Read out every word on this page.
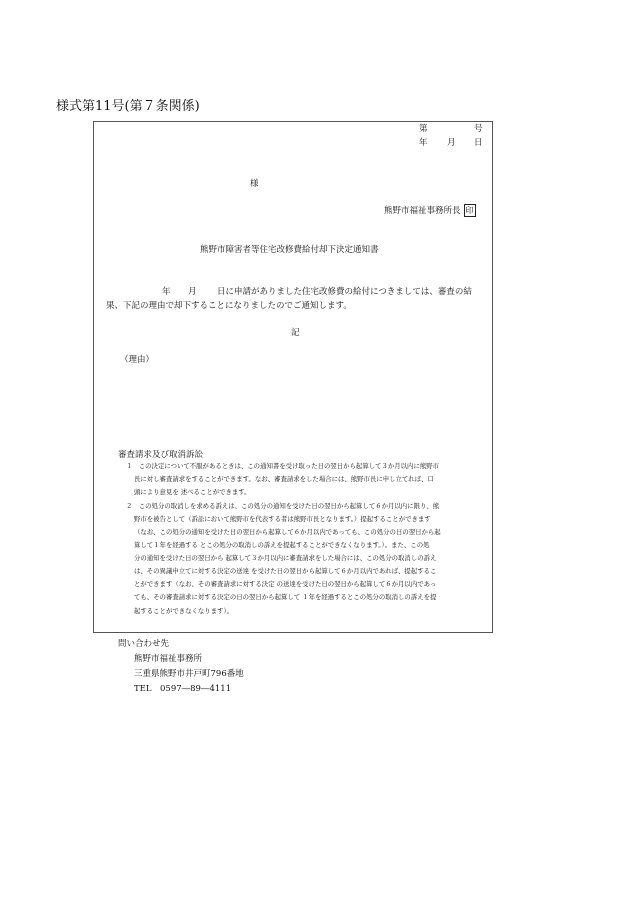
様式第11号(第７条関係)
第	号
年 月 日
様
熊野市福祉事務所長 印
熊野市障害者等住宅改修費給付却下決定通知書
年 月 日に申請がありました住宅改修費の給付につきましては、審査の結
果、下記の理由で却下することになりましたのでご通知します。
記
（理由）
審査請求及び取消訴訟
１　この決定について不服があるときは、この通知書を受け取った日の翌日から起算して３か月以内に熊野市
長に対し審査請求をすることができます。なお、審査請求をした場合には、熊野市長に申し立てれば、口
頭により意見を 述べることができます。
２　この処分の取消しを求める訴えは、この処分の通知を受けた日の翌日から起算して６か月以内に限り、熊
野市を被告として（訴訟において熊野市を代表する者は熊野市長となります。）提起することができます
（なお、この処分の通知を受けた日の翌日から起算して６か月以内であっても、この処分の日の翌日から起
算して１年を経過する とこの処分の取消しの訴えを提起することができなくなります。）。また、この処
分の通知を受けた日の翌日から 起算して３か月以内に審査請求をした場合には、この処分の取消しの訴え
は、その異議申立てに対する決定の送達 を受けた日の翌日から起算して６か月以内であれば、提起するこ
とができます（なお、その審査請求に対する決定 の送達を受けた日の翌日から起算して６か月以内であっ
ても、その審査請求に対する決定の日の翌日から起算して １年を経過するとこの処分の取消しの訴えを提
起することができなくなります）。
問い合わせ先
熊野市福祉事務所
三重県熊野市井戸町796番地
TEL　0597―89―4111
